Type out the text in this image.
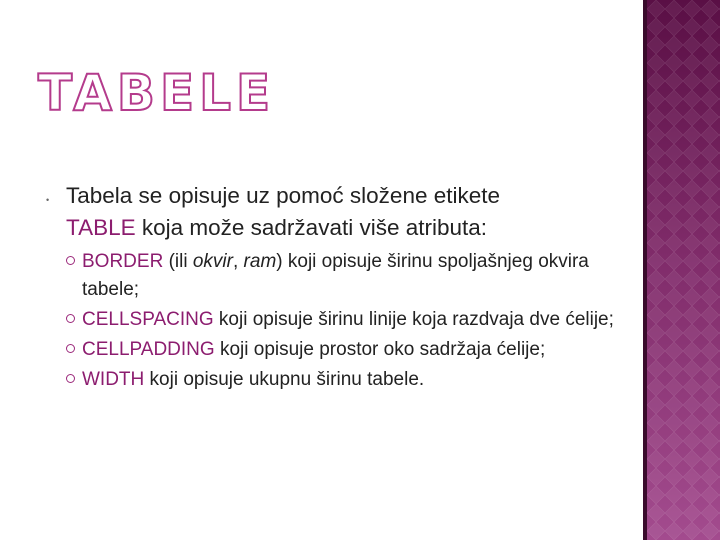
TABELE
• Tabela se opisuje uz pomoć složene etikete
TABLE koja može sadržavati više atributa:
BORDER (ili okvir, ram) koji opisuje širinu spoljašnjeg okvira tabele;
CELLSPACING koji opisuje širinu linije koja razdvaja dve ćelije;
CELLPADDING koji opisuje prostor oko sadržaja ćelije;
WIDTH koji opisuje ukupnu širinu tabele.
